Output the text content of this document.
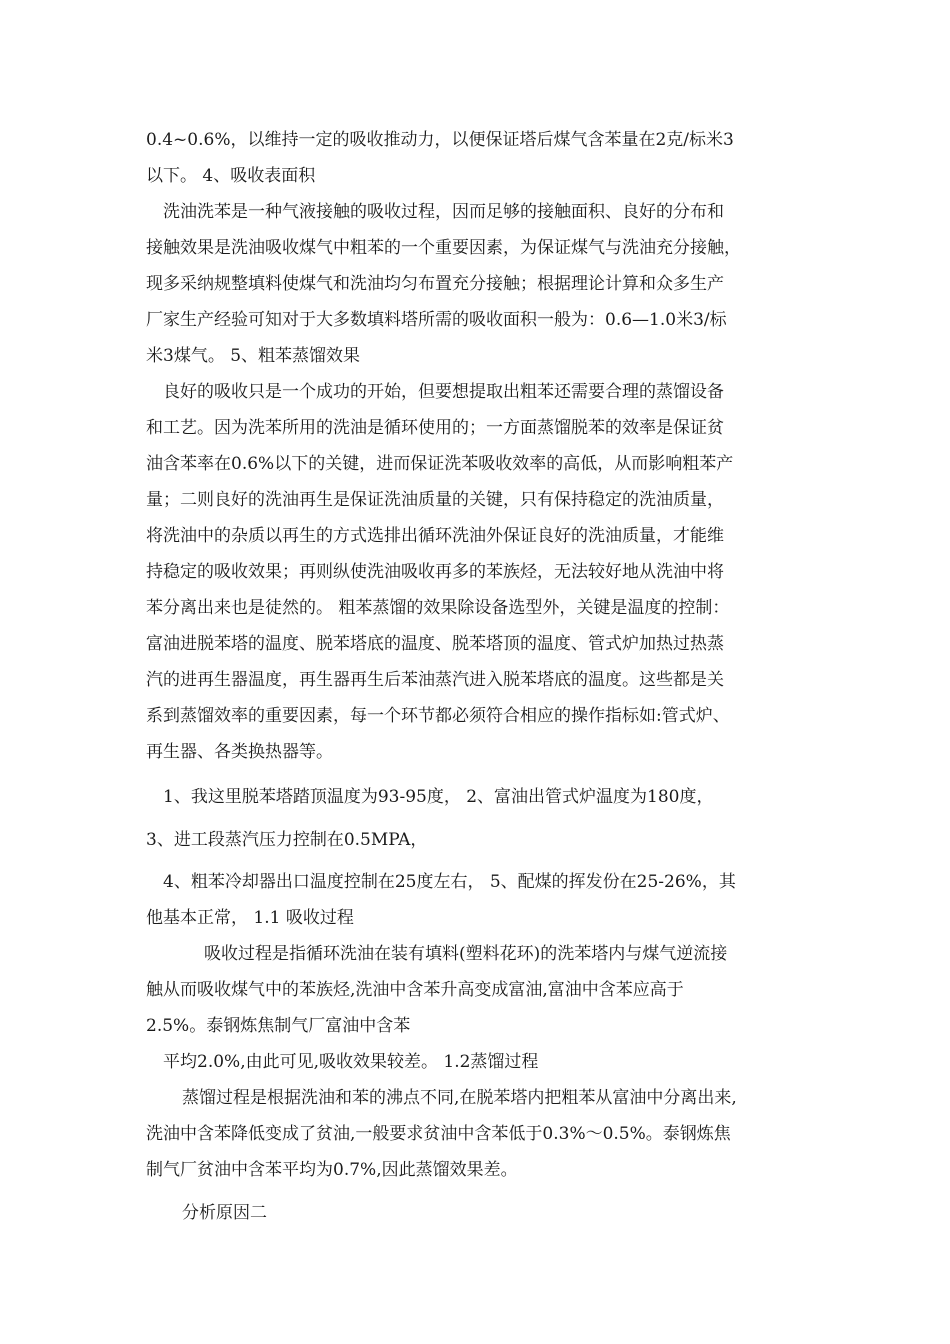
0.4~0.6%，以维持一定的吸收推动力，以便保证塔后煤气含苯量在2克/标米3
以下。 4、吸收表面积
洗油洗苯是一种气液接触的吸收过程，因而足够的接触面积、良好的分布和
接触效果是洗油吸收煤气中粗苯的一个重要因素，为保证煤气与洗油充分接触，
现多采纳规整填料使煤气和洗油均匀布置充分接触；根据理论计算和众多生产
厂家生产经验可知对于大多数填料塔所需的吸收面积一般为：0.6—1.0米3/标
米3煤气。 5、粗苯蒸馏效果
良好的吸收只是一个成功的开始，但要想提取出粗苯还需要合理的蒸馏设备
和工艺。因为洗苯所用的洗油是循环使用的；一方面蒸馏脱苯的效率是保证贫
油含苯率在0.6%以下的关键，进而保证洗苯吸收效率的高低，从而影响粗苯产
量；二则良好的洗油再生是保证洗油质量的关键，只有保持稳定的洗油质量，
将洗油中的杂质以再生的方式选排出循环洗油外保证良好的洗油质量，才能维
持稳定的吸收效果；再则纵使洗油吸收再多的苯族烃，无法较好地从洗油中将
苯分离出来也是徒然的。 粗苯蒸馏的效果除设备选型外，关键是温度的控制：
富油进脱苯塔的温度、脱苯塔底的温度、脱苯塔顶的温度、管式炉加热过热蒸
汽的进再生器温度，再生器再生后苯油蒸汽进入脱苯塔底的温度。这些都是关
系到蒸馏效率的重要因素，每一个环节都必须符合相应的操作指标如:管式炉、
再生器、各类换热器等。
1、我这里脱苯塔踏顶温度为93-95度， 2、富油出管式炉温度为180度，
3、进工段蒸汽压力控制在0.5MPA，
4、粗苯冷却器出口温度控制在25度左右， 5、配煤的挥发份在25-26%，其
他基本正常， 1.1 吸收过程
吸收过程是指循环洗油在装有填料(塑料花环)的洗苯塔内与煤气逆流接
触从而吸收煤气中的苯族烃,洗油中含苯升高变成富油,富油中含苯应高于
2.5%。泰钢炼焦制气厂富油中含苯
平均2.0%,由此可见,吸收效果较差。 1.2蒸馏过程
蒸馏过程是根据洗油和苯的沸点不同,在脱苯塔内把粗苯从富油中分离出来,
洗油中含苯降低变成了贫油,一般要求贫油中含苯低于0.3%～0.5%。泰钢炼焦
制气厂贫油中含苯平均为0.7%,因此蒸馏效果差。
分析原因二
